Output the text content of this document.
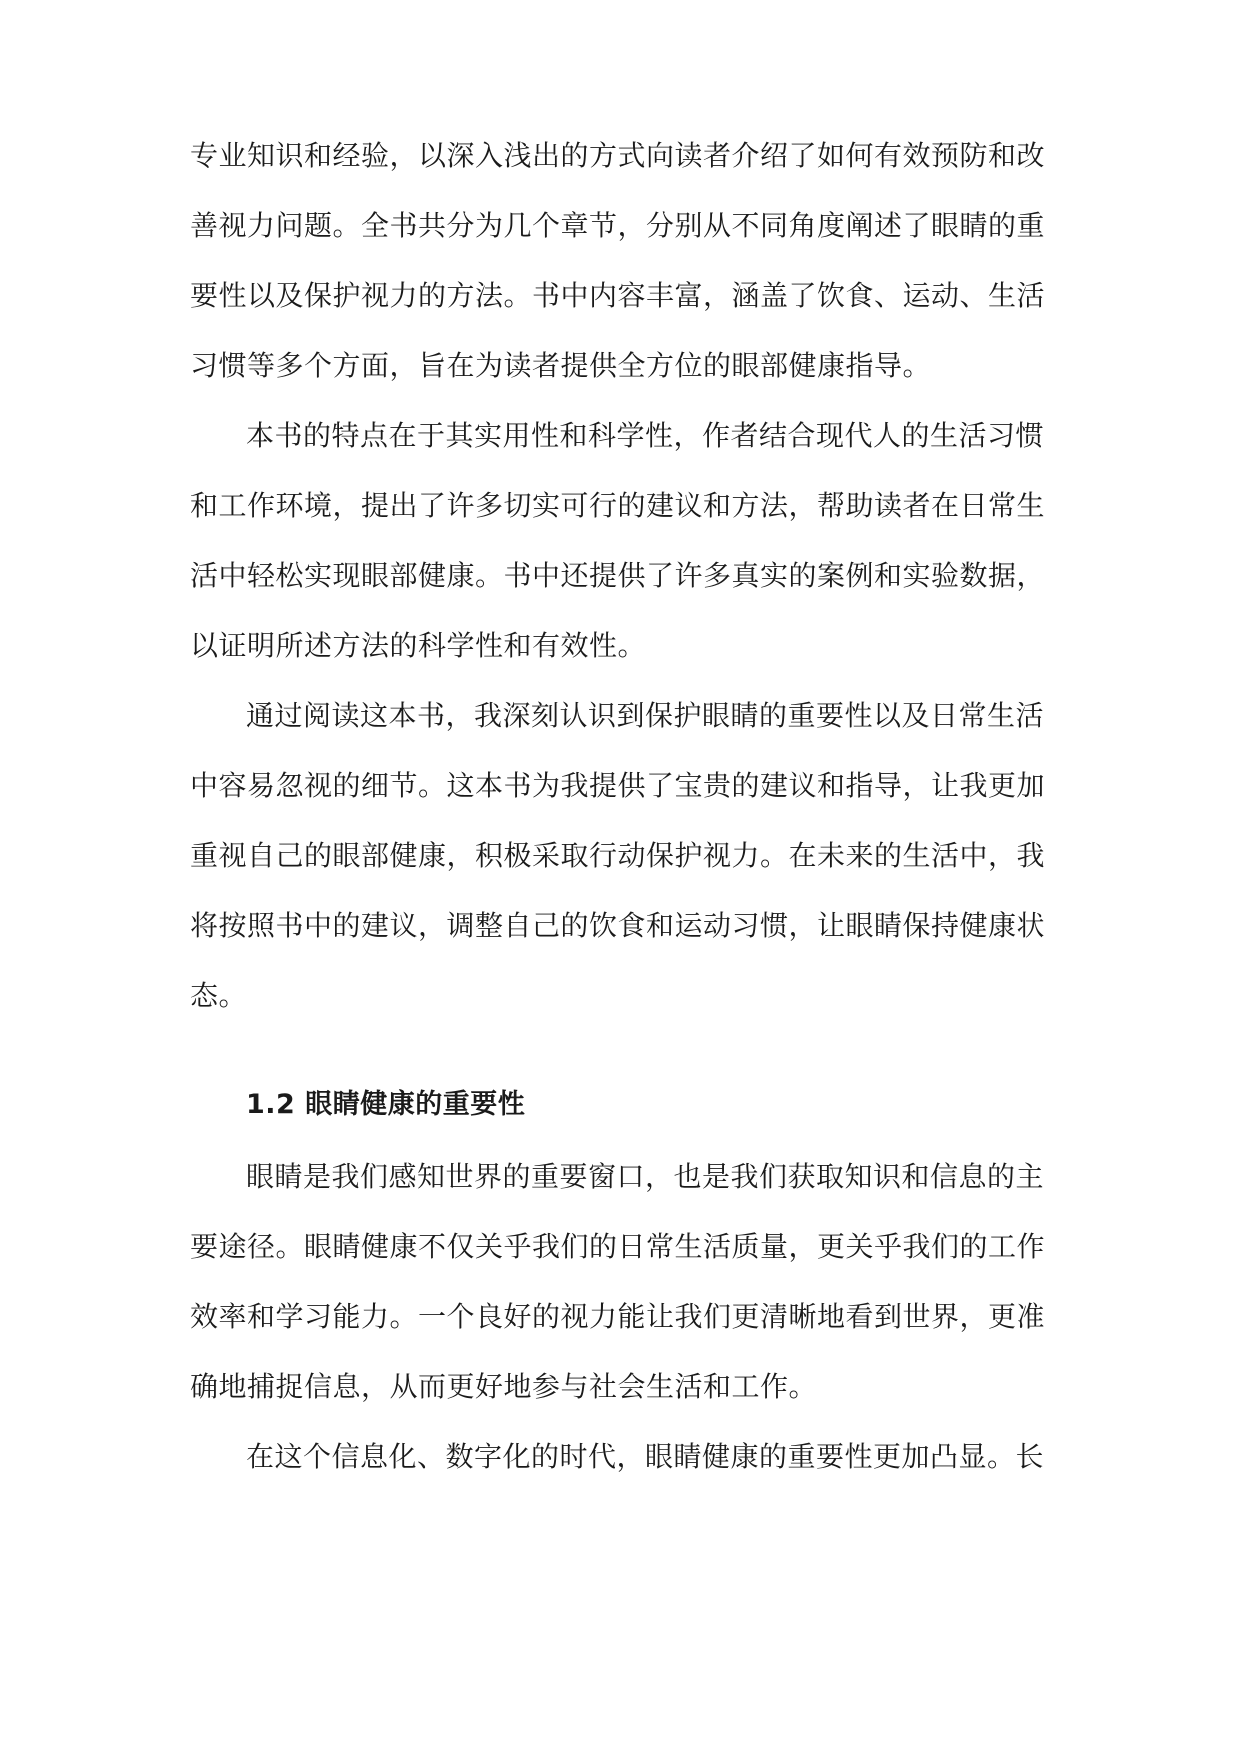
专业知识和经验，以深入浅出的方式向读者介绍了如何有效预防和改
善视力问题。全书共分为几个章节，分别从不同角度阐述了眼睛的重
要性以及保护视力的方法。书中内容丰富，涵盖了饮食、运动、生活
习惯等多个方面，旨在为读者提供全方位的眼部健康指导。
本书的特点在于其实用性和科学性，作者结合现代人的生活习惯
和工作环境，提出了许多切实可行的建议和方法，帮助读者在日常生
活中轻松实现眼部健康。书中还提供了许多真实的案例和实验数据，
以证明所述方法的科学性和有效性。
通过阅读这本书，我深刻认识到保护眼睛的重要性以及日常生活
中容易忽视的细节。这本书为我提供了宝贵的建议和指导，让我更加
重视自己的眼部健康，积极采取行动保护视力。在未来的生活中，我
将按照书中的建议，调整自己的饮食和运动习惯，让眼睛保持健康状
态。
1.2 眼睛健康的重要性
眼睛是我们感知世界的重要窗口，也是我们获取知识和信息的主
要途径。眼睛健康不仅关乎我们的日常生活质量，更关乎我们的工作
效率和学习能力。一个良好的视力能让我们更清晰地看到世界，更准
确地捕捉信息，从而更好地参与社会生活和工作。
在这个信息化、数字化的时代，眼睛健康的重要性更加凸显。长
